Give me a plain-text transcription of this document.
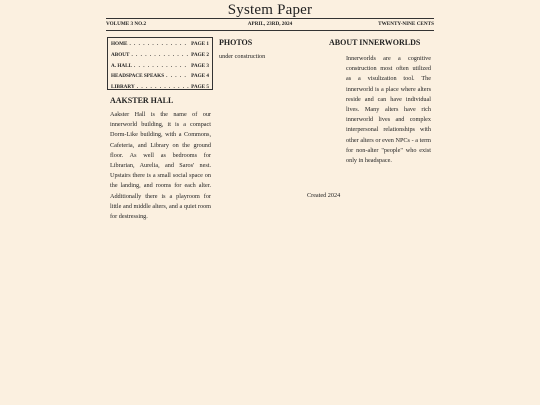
System Paper
VOLUME 3 NO.2	APRIL, 23RD, 2024	TWENTY-NINE CENTS
HOME . . .	PAGE 1
ABOUT . . .	PAGE 2
A. HALL . . .	PAGE 3
HEADSPACE SPEAKS . . .	PAGE 4
LIBRARY . . .	PAGE 5
AAKSTER HALL
Aakster Hall is the name of our innerworld building, it is a compact Dorm-Like building, with a Commons, Cafeteria, and Library on the ground floor. As well as bedrooms for Librarian, Aurelia, and Saros' nest. Upstairs there is a small social space on the landing, and rooms for each alter. Additionally there is a playroom for little and middle alters, and a quiet room for destressing.
PHOTOS
under construction
ABOUT INNERWORLDS
Innerworlds are a cognitive construction most often utilized as a visulization tool. The innerworld is a place where alters reside and can have individual lives. Many alters have rich innerworld lives and complex interpersonal relationships with other alters or even NPCs - a term for non-alter "people" who exist only in headspace.
Created 2024
